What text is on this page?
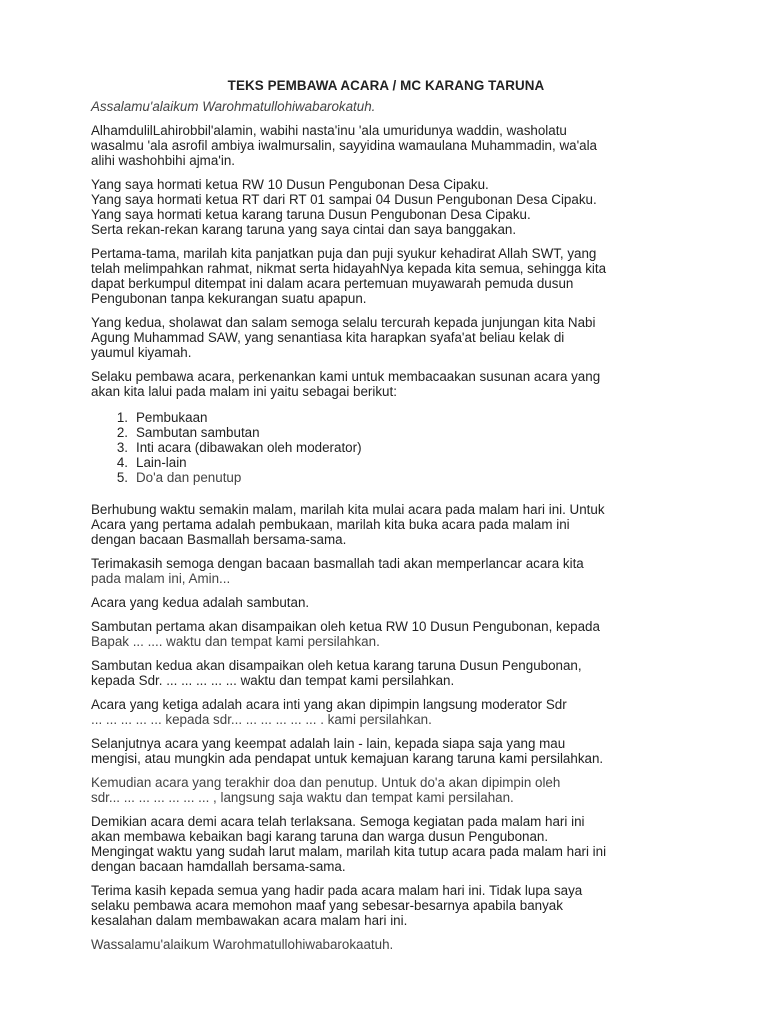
TEKS PEMBAWA ACARA / MC KARANG TARUNA
Assalamu'alaikum Warohmatullohiwabarokatuh.
AlhamdulilLahirobbil'alamin, wabihi nasta'inu 'ala umuridunya waddin, washolatu
wasalmu 'ala asrofil ambiya iwalmursalin, sayyidina wamaulana Muhammadin, wa'ala
alihi washohbihi ajma'in.
Yang saya hormati ketua RW 10 Dusun Pengubonan Desa Cipaku.
Yang saya hormati ketua RT dari RT 01 sampai 04 Dusun Pengubonan Desa Cipaku.
Yang saya hormati ketua karang taruna Dusun Pengubonan Desa Cipaku.
Serta rekan-rekan karang taruna yang saya cintai dan saya banggakan.
Pertama-tama, marilah kita panjatkan puja dan puji syukur kehadirat Allah SWT, yang
telah melimpahkan rahmat, nikmat serta hidayahNya kepada kita semua, sehingga kita
dapat berkumpul ditempat ini dalam acara pertemuan muyawarah pemuda dusun
Pengubonan tanpa kekurangan suatu apapun.
Yang kedua, sholawat dan salam semoga selalu tercurah kepada junjungan kita Nabi
Agung Muhammad SAW, yang senantiasa kita harapkan syafa'at beliau kelak di
yaumul kiyamah.
Selaku pembawa acara, perkenankan kami untuk membacaakan susunan acara yang
akan kita lalui pada malam ini yaitu sebagai berikut:
1. Pembukaan
2. Sambutan sambutan
3. Inti acara (dibawakan oleh moderator)
4. Lain-lain
5. Do'a dan penutup
Berhubung waktu semakin malam, marilah kita mulai acara pada malam hari ini. Untuk
Acara yang pertama adalah pembukaan, marilah kita buka acara pada malam ini
dengan bacaan Basmallah bersama-sama.
Terimakasih semoga dengan bacaan basmallah tadi akan memperlancar acara kita
pada malam ini, Amin...
Acara yang kedua adalah sambutan.
Sambutan pertama akan disampaikan oleh ketua RW 10 Dusun Pengubonan, kepada
Bapak ... .... waktu dan tempat kami persilahkan.
Sambutan kedua akan disampaikan oleh ketua karang taruna Dusun Pengubonan,
kepada Sdr. ... ... ... ... ... waktu dan tempat kami persilahkan.
Acara yang ketiga adalah acara inti yang akan dipimpin langsung moderator Sdr
... ... ... ... ... kepada sdr... ... ... ... ... ... . kami persilahkan.
Selanjutnya acara yang keempat adalah lain - lain, kepada siapa saja yang mau
mengisi, atau mungkin ada pendapat untuk kemajuan karang taruna kami persilahkan.
Kemudian acara yang terakhir doa dan penutup. Untuk do'a akan dipimpin oleh
sdr... ... ... ... ... ... ... , langsung saja waktu dan tempat kami persilahan.
Demikian acara demi acara telah terlaksana. Semoga kegiatan pada malam hari ini
akan membawa kebaikan bagi karang taruna dan warga dusun Pengubonan.
Mengingat waktu yang sudah larut malam, marilah kita tutup acara pada malam hari ini
dengan bacaan hamdallah bersama-sama.
Terima kasih kepada semua yang hadir pada acara malam hari ini. Tidak lupa saya
selaku pembawa acara memohon maaf yang sebesar-besarnya apabila banyak
kesalahan dalam membawakan acara malam hari ini.
Wassalamu'alaikum Warohmatullohiwabarokaatuh.
